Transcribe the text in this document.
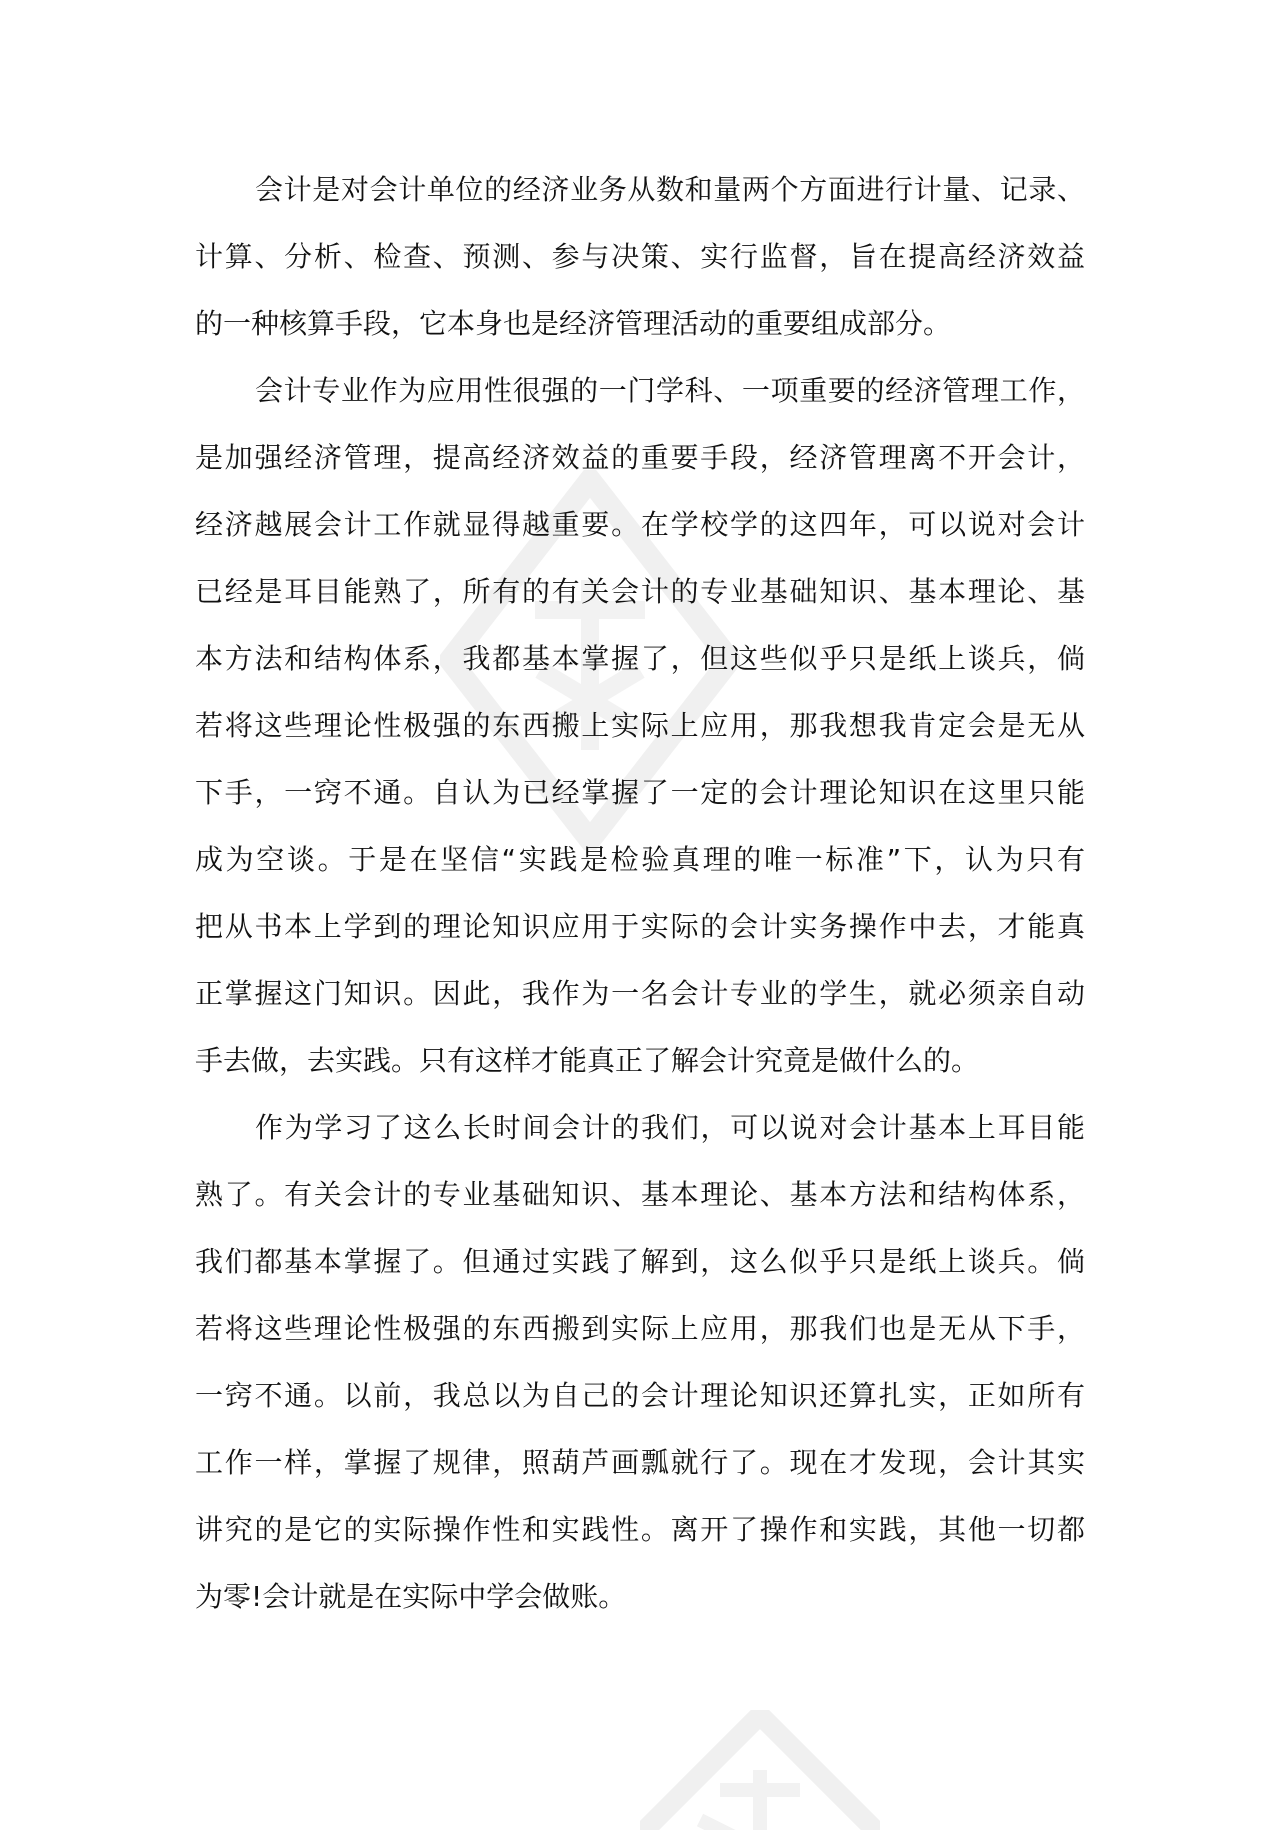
会计是对会计单位的经济业务从数和量两个方面进行计量、记录、
计算、分析、检查、预测、参与决策、实行监督，旨在提高经济效益
的一种核算手段，它本身也是经济管理活动的重要组成部分。
会计专业作为应用性很强的一门学科、一项重要的经济管理工作，
是加强经济管理，提高经济效益的重要手段，经济管理离不开会计，
经济越展会计工作就显得越重要。在学校学的这四年，可以说对会计
已经是耳目能熟了，所有的有关会计的专业基础知识、基本理论、基
本方法和结构体系，我都基本掌握了，但这些似乎只是纸上谈兵，倘
若将这些理论性极强的东西搬上实际上应用，那我想我肯定会是无从
下手，一窍不通。自认为已经掌握了一定的会计理论知识在这里只能
成为空谈。于是在坚信“实践是检验真理的唯一标准”下，认为只有
把从书本上学到的理论知识应用于实际的会计实务操作中去，才能真
正掌握这门知识。因此，我作为一名会计专业的学生，就必须亲自动
手去做，去实践。只有这样才能真正了解会计究竟是做什么的。
作为学习了这么长时间会计的我们，可以说对会计基本上耳目能
熟了。有关会计的专业基础知识、基本理论、基本方法和结构体系，
我们都基本掌握了。但通过实践了解到，这么似乎只是纸上谈兵。倘
若将这些理论性极强的东西搬到实际上应用，那我们也是无从下手，
一窍不通。以前，我总以为自己的会计理论知识还算扎实，正如所有
工作一样，掌握了规律，照葫芦画瓢就行了。现在才发现，会计其实
讲究的是它的实际操作性和实践性。离开了操作和实践，其他一切都
为零!会计就是在实际中学会做账。
